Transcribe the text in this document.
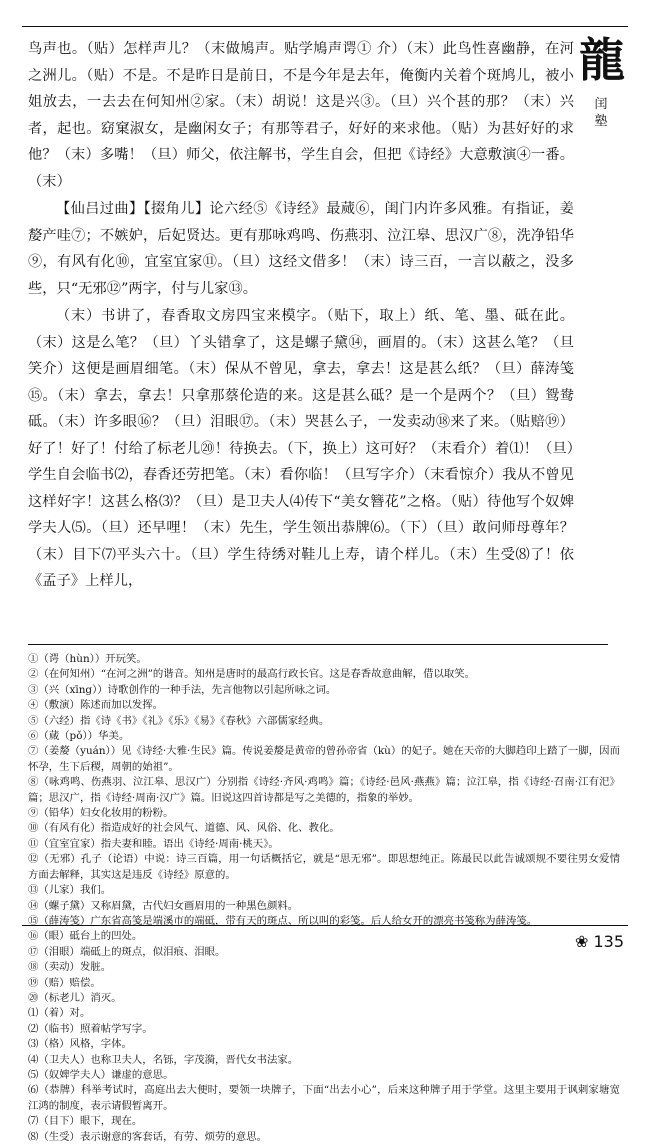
龍
闰
塾

鸟声也。（贴）怎样声儿？（末做鳩声。贴学鳩声谔① 介）（末）此鸟性喜幽静，在河之洲儿。（贴）不是。不是昨日是前日，不是今年是去年，俺衡内关着个斑鸠儿，被小姐放去，一去去在何知州②家。（末）胡说！这是兴③。（旦）兴个甚的那？（末）兴者，起也。窈窠淑女，是幽闲女子；有那等君子，好好的来求他。（贴）为甚好好的求他？（末）多嘴！（旦）师父，依注解书，学生自会，但把《诗经》大意敷演④一番。（末）

【仙吕过曲】【掇角儿】论六经⑤《诗经》最蒇⑥，闺门内许多风雅。有指证，姜嫠产哇⑦；不嫉妒，后妃贤达。更有那咏鸡鸣、伤燕羽、泣江皋、思汉广⑧，洗净铅华⑨，有风有化⑩，宜室宜家⑪。（旦）这经文借多！（末）诗三百，一言以蔽之，没多些，只“无邪⑫”两字，付与儿家⑬。

（末）书讲了，春香取文房四宝来模字。（贴下，取上）纸、笔、墨、砥在此。（末）这是么笔？（旦）丫头错拿了，这是螺子黛⑭，画眉的。（末）这甚么笔？（旦笑介）这便是画眉细笔。（末）保从不曾见，拿去，拿去！这是甚么纸？（旦）薛涛笺⑮。（末）拿去，拿去！只拿那蔡伦造的来。这是甚么砥？是一个是两个？（旦）鸳鸯砥。（末）许多眼⑯？（旦）泪眼⑰。（末）哭甚么子，一发卖动⑱来了来。（贴赔⑲）好了！好了！付给了标老儿⑳！待换去。（下，换上）这可好？（末看介）着⑴！（旦）学生自会临书⑵，春香还劳把笔。（末）看你临！（旦写字介）（末看惊介）我从不曾见这样好字！这甚么格⑶？（旦）是卫夫人⑷传下“美女簪花”之格。（贴）待他写个奴婢学夫人⑸。（旦）还早哩！（末）先生，学生领出恭牌⑹。（下）（旦）敢问师母尊年？（末）目下⑺平头六十。（旦）学生待绣对鞋儿上寿，请个样儿。（末）生受⑻了！依《孟子》上样儿，

①（谔（hùn））开玩笑。

②（在何知州）“在河之洲”的谐音。知州是唐时的最高行政长官。这是春香故意曲解，借以取笑。

③（兴（xīng））诗歌创作的一种手法，先言他物以引起所咏之词。

④（敷演）陈述而加以发挥。

⑤（六经）指《诗《书》《礼》《乐》《易》《春秋》六部儒家经典。

⑥（蒇（pǒ））华美。

⑦（姜嫠（yuán））见《诗经·大雅·生民》篇。传说姜嫠是黄帝的曾孙帝省（kù）的妃子。她在天帝的大脚趋印上踏了一脚，因而怀孕，生下后稷，周朝的始祖”。

⑧（咏鸡鸣、伤燕羽、泣江皋、思汉广）分别指《诗经·齐风·鸡鸣》篇；《诗经·邑风·燕燕》篇；泣江皋，指《诗经·召南·江有汜》篇；思汉广，指《诗经·周南·汉广》篇。旧说这四首诗都是写之美德的，指象的举妙。

⑨（铅华）妇女化妆用的粉粉。

⑩（有风有化）指造成好的社会风气、道德、风、风俗、化、教化。

⑪（宜室宜家）指夫妻和睦。语出《诗经·周南·桃天》。

⑫（无邪）孔子（论语）中说：诗三百篇，用一句话概括它，就是“思无邪”。即思想纯正。陈最民以此告诚颂规不要往男女爱情方面去解释，其实这是违反《诗经》原意的。

⑬（儿家）我们。

⑭（螺子黛）又称眉黛，古代妇女画眉用的一种黑色颜料。

⑮（薛涛笺）广东省高笺是端溪市的端砥，带有天的斑点、所以叫的彩笺。后人给女开的漂亮书笺称为薛涛笺。

⑯（眼）砥台上的凹处。

⑰（泪眼）端砥上的斑点，似泪痕、泪眼。

⑱（卖动）发脏。

⑲（赔）赔偿。

⑳（标老儿）消灭。

⑴（着）对。

⑵（临书）照着帖学写字。

⑶（格）风格，字体。

⑷（卫夫人）也称卫夫人，名铄，字茂漪，晋代女书法家。

⑸（奴婢学夫人）谦虚的意思。

⑹（恭牌）科举考试时，高庭出去大便时，要领一块牌子，下面“出去小心”，后来这种牌子用于学堂。这里主要用于讽刺家塘宽江鸿的制度，表示请假暂离开。

⑺（目下）眼下，现在。

⑻（生受）表示谢意的客套话，有劳、烦劳的意思。

❀ 135
